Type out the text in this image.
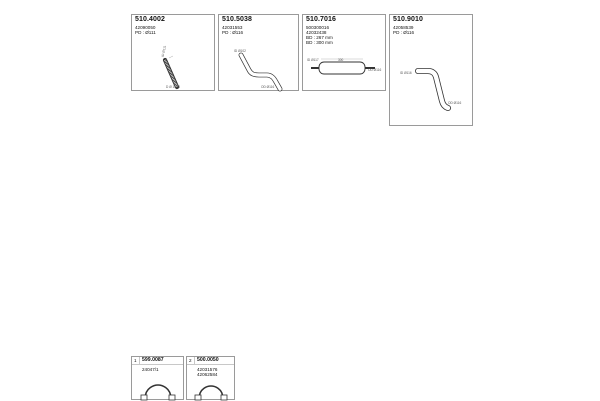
510.4002
42090050
PD : Ø111
ID Ø111
D Ø 111,5
510.5038
42031553
PD : Ø116
ID Ø102
OD Ø116
510.7016
500300016
42032438
BD : 267 mm
BD : 300 mm
ID Ø117	300
OD Ø116
510.9010
42058539
PD : Ø116
ID Ø116
OD Ø116
1 599.0087
24047/1
2 500.0050
42031576
42062584
